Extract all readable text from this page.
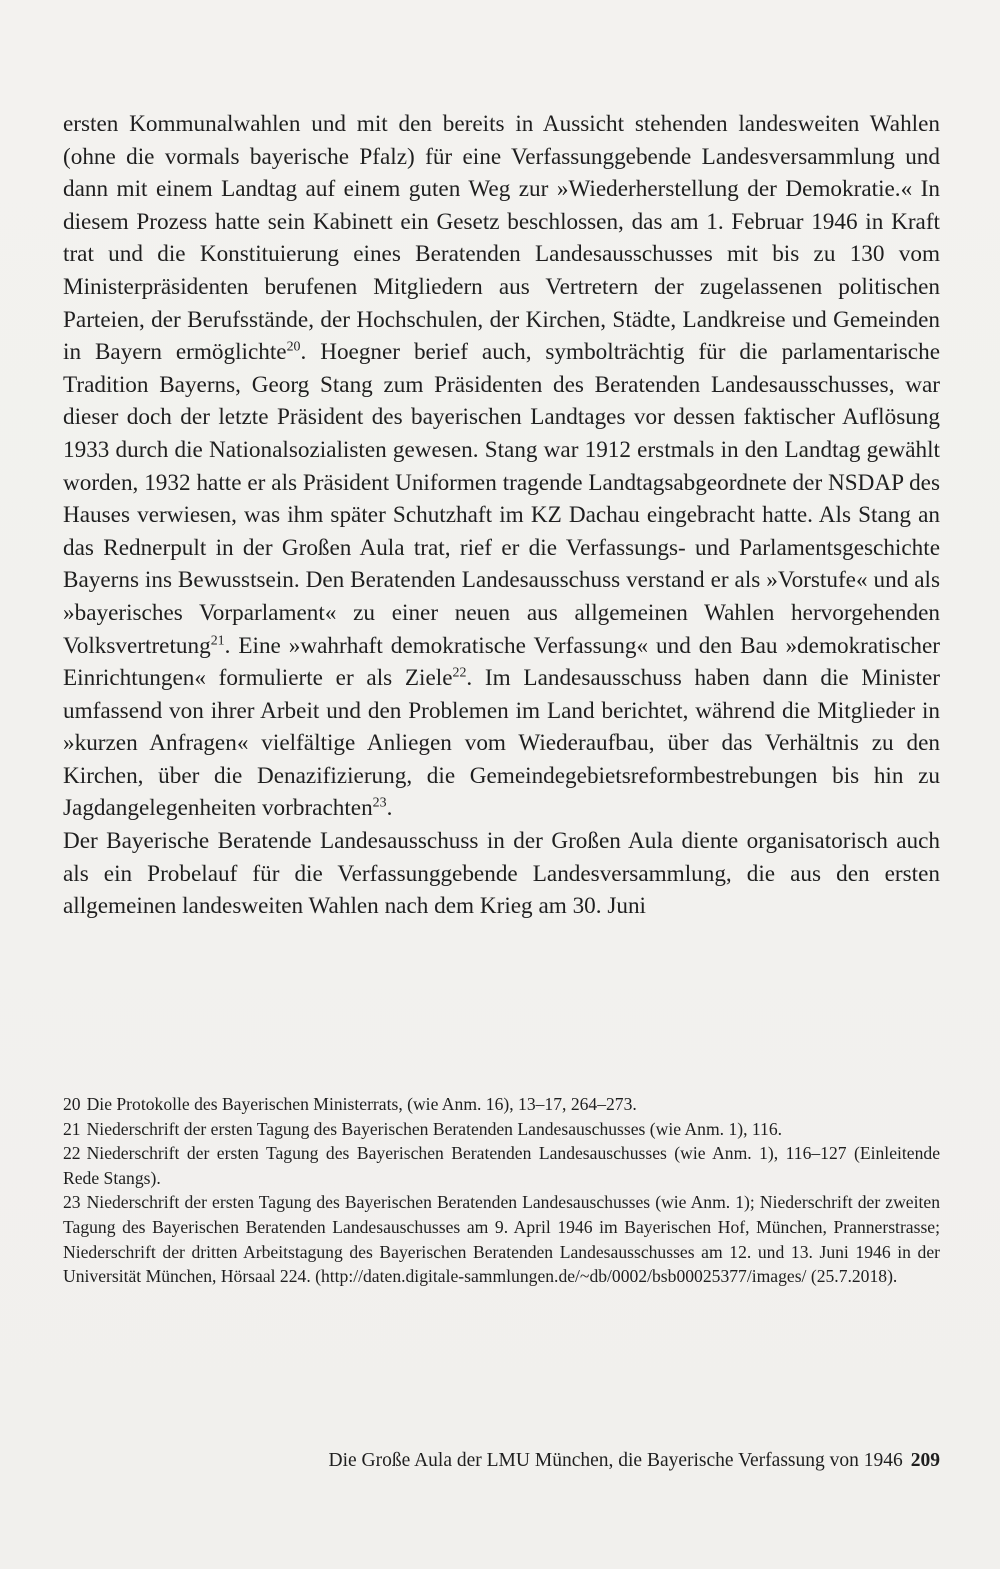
ersten Kommunalwahlen und mit den bereits in Aussicht stehenden landesweiten Wahlen (ohne die vormals bayerische Pfalz) für eine Verfassunggebende Landesversammlung und dann mit einem Landtag auf einem guten Weg zur »Wiederherstellung der Demokratie.« In diesem Prozess hatte sein Kabinett ein Gesetz beschlossen, das am 1. Februar 1946 in Kraft trat und die Konstituierung eines Beratenden Landesausschusses mit bis zu 130 vom Ministerpräsidenten berufenen Mitgliedern aus Vertretern der zugelassenen politischen Parteien, der Berufsstände, der Hochschulen, der Kirchen, Städte, Landkreise und Gemeinden in Bayern ermöglichte$^{20}$. Hoegner berief auch, symbolträchtig für die parlamentarische Tradition Bayerns, Georg Stang zum Präsidenten des Beratenden Landesausschusses, war dieser doch der letzte Präsident des bayerischen Landtages vor dessen faktischer Auflösung 1933 durch die Nationalsozialisten gewesen. Stang war 1912 erstmals in den Landtag gewählt worden, 1932 hatte er als Präsident Uniformen tragende Landtagsabgeordnete der NSDAP des Hauses verwiesen, was ihm später Schutzhaft im KZ Dachau eingebracht hatte. Als Stang an das Rednerpult in der Großen Aula trat, rief er die Verfassungs- und Parlamentsgeschichte Bayerns ins Bewusstsein. Den Beratenden Landesausschuss verstand er als »Vorstufe« und als »bayerisches Vorparlament« zu einer neuen aus allgemeinen Wahlen hervorgehenden Volksvertretung$^{21}$. Eine »wahrhaft demokratische Verfassung« und den Bau »demokratischer Einrichtungen« formulierte er als Ziele$^{22}$. Im Landesausschuss haben dann die Minister umfassend von ihrer Arbeit und den Problemen im Land berichtet, während die Mitglieder in »kurzen Anfragen« vielfältige Anliegen vom Wiederaufbau, über das Verhältnis zu den Kirchen, über die Denazifizierung, die Gemeindegebietsreformbestrebungen bis hin zu Jagdangelegenheiten vorbrachten$^{23}$.

Der Bayerische Beratende Landesausschuss in der Großen Aula diente organisatorisch auch als ein Probelauf für die Verfassunggebende Landesversammlung, die aus den ersten allgemeinen landesweiten Wahlen nach dem Krieg am 30. Juni

20 Die Protokolle des Bayerischen Ministerrats, (wie Anm. 16), 13–17, 264–273.

21 Niederschrift der ersten Tagung des Bayerischen Beratenden Landesauschusses (wie Anm. 1), 116.

22 Niederschrift der ersten Tagung des Bayerischen Beratenden Landesauschusses (wie Anm. 1), 116–127 (Einleitende Rede Stangs).

23 Niederschrift der ersten Tagung des Bayerischen Beratenden Landesauschusses (wie Anm. 1); Niederschrift der zweiten Tagung des Bayerischen Beratenden Landesauschusses am 9. April 1946 im Bayerischen Hof, München, Prannerstrasse; Niederschrift der dritten Arbeitstagung des Bayerischen Beratenden Landesausschusses am 12. und 13. Juni 1946 in der Universität München, Hörsaal 224. (http://daten.digitale-sammlungen.de/~db/0002/bsb00025377/images/ (25.7.2018).

Die Große Aula der LMU München, die Bayerische Verfassung von 1946 209
